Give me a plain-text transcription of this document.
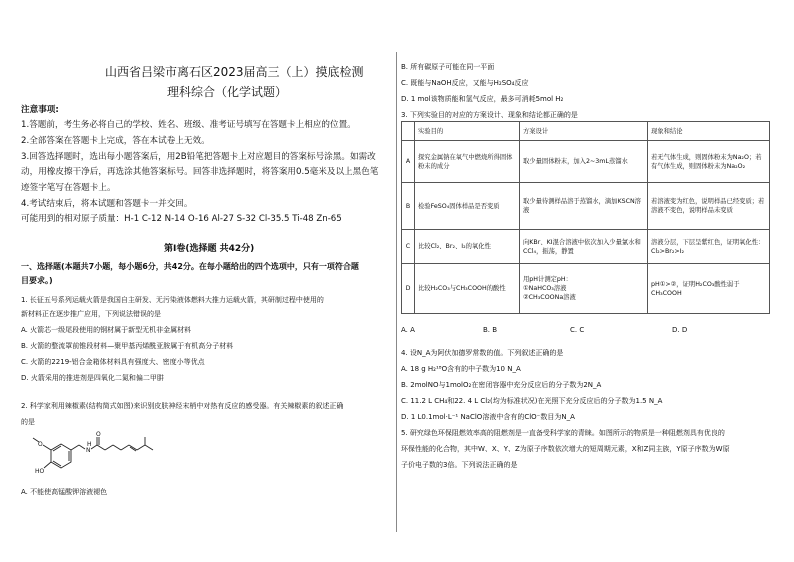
山西省吕梁市离石区2023届高三（上）摸底检测
理科综合（化学试题）
注意事项:
1.答题前，考生务必将自己的学校、姓名、班级、准考证号填写在答题卡上相应的位置。
2.全部答案在答题卡上完成，答在本试卷上无效。
3.回答选择题时，选出每小题答案后，用2B铅笔把答题卡上对应题目的答案标号涂黑。如需改
动，用橡皮擦干净后，再选涂其他答案标号。回答非选择题时，将答案用0.5毫米及以上黑色笔
迹签字笔写在答题卡上。
4.考试结束后，将本试题和答题卡一并交回。
可能用到的相对原子质量：H-1 C-12 N-14 O-16 Al-27 S-32 Cl-35.5 Ti-48 Zn-65
第Ⅰ卷(选择题 共42分)
一、选择题(本题共7小题，每小题6分，共42分。在每小题给出的四个选项中，只有一项符合题
目要求。)
1. 长征五号系列运载火箭是我国自主研发、无污染液体燃料大推力运载火箭，其研制过程中使用的
新材料正在逐步推广应用，下列说法错误的是
A. 火箭芯一级尾段使用的钢材属于新型无机非金属材料
B. 火箭的整流罩前锥段材料—聚甲基丙烯酰亚胺属于有机高分子材料
C. 火箭的2219-铝合金箱体材料具有强度大、密度小等优点
D. 火箭采用的推进剂是四氧化二氮和偏二甲肼
2. 科学家利用辣椒素(结构简式如图)来识别皮肤神经末梢中对热有反应的感受器。有关辣椒素的叙述正确
的是
O
O
H
N
HO
A. 不能使高锰酸钾溶液褪色
B. 所有碳原子可能在同一平面
C. 既能与NaOH反应，又能与H₂SO₄反应
D. 1 mol该物质能和氢气反应，最多可消耗5mol H₂
3. 下列实验目的对应的方案设计、现象和结论都正确的是
	实验目的	方案设计	现象和结论
A	探究金属钠在氧气中燃烧所得固体粉末的成分	取少量固体粉末，加入2~3mL蒸馏水	若无气体生成，则固体粉末为Na₂O；若有气体生成，则固体粉末为Na₂O₂
B	检验FeSO₄固体样品是否变质	取少量待测样品溶于蒸馏水，滴加KSCN溶液	若溶液变为红色，说明样品已经变质；若溶液不变色，说明样品未变质
C	比较Cl₂、Br₂、I₂的氧化性	向KBr、KI混合溶液中依次加入少量氯水和CCl₄，振荡，静置	溶液分层，下层呈紫红色，证明氧化性：Cl₂>Br₂>I₂
D	比较H₂CO₃与CH₃COOH的酸性	用pH计测定pH：
①NaHCO₃溶液
②CH₃COONa溶液	pH①>②，证明H₂CO₃酸性弱于CH₃COOH
A. A	B. B	C. C	D. D
4. 设N_A为阿伏加德罗常数的值。下列叙述正确的是
A. 18 g H₂¹⁸O含有的中子数为10 N_A
B. 2molNO与1molO₂在密闭容器中充分反应后的分子数为2N_A
C. 11.2 L CH₄和22. 4 L Cl₂(均为标准状况)在光照下充分反应后的分子数为1.5 N_A
D. 1 L0.1mol·L⁻¹ NaClO溶液中含有的ClO⁻数目为N_A
5. 研究绿色环保阻燃效率高的阻燃剂是一直备受科学家的青睐。如图所示的物质是一种阻燃剂具有优良的
环保性能的化合物，其中W、X、Y、Z为原子序数依次增大的短周期元素，X和Z同主族，Y原子序数为W原
子价电子数的3倍。下列说法正确的是
